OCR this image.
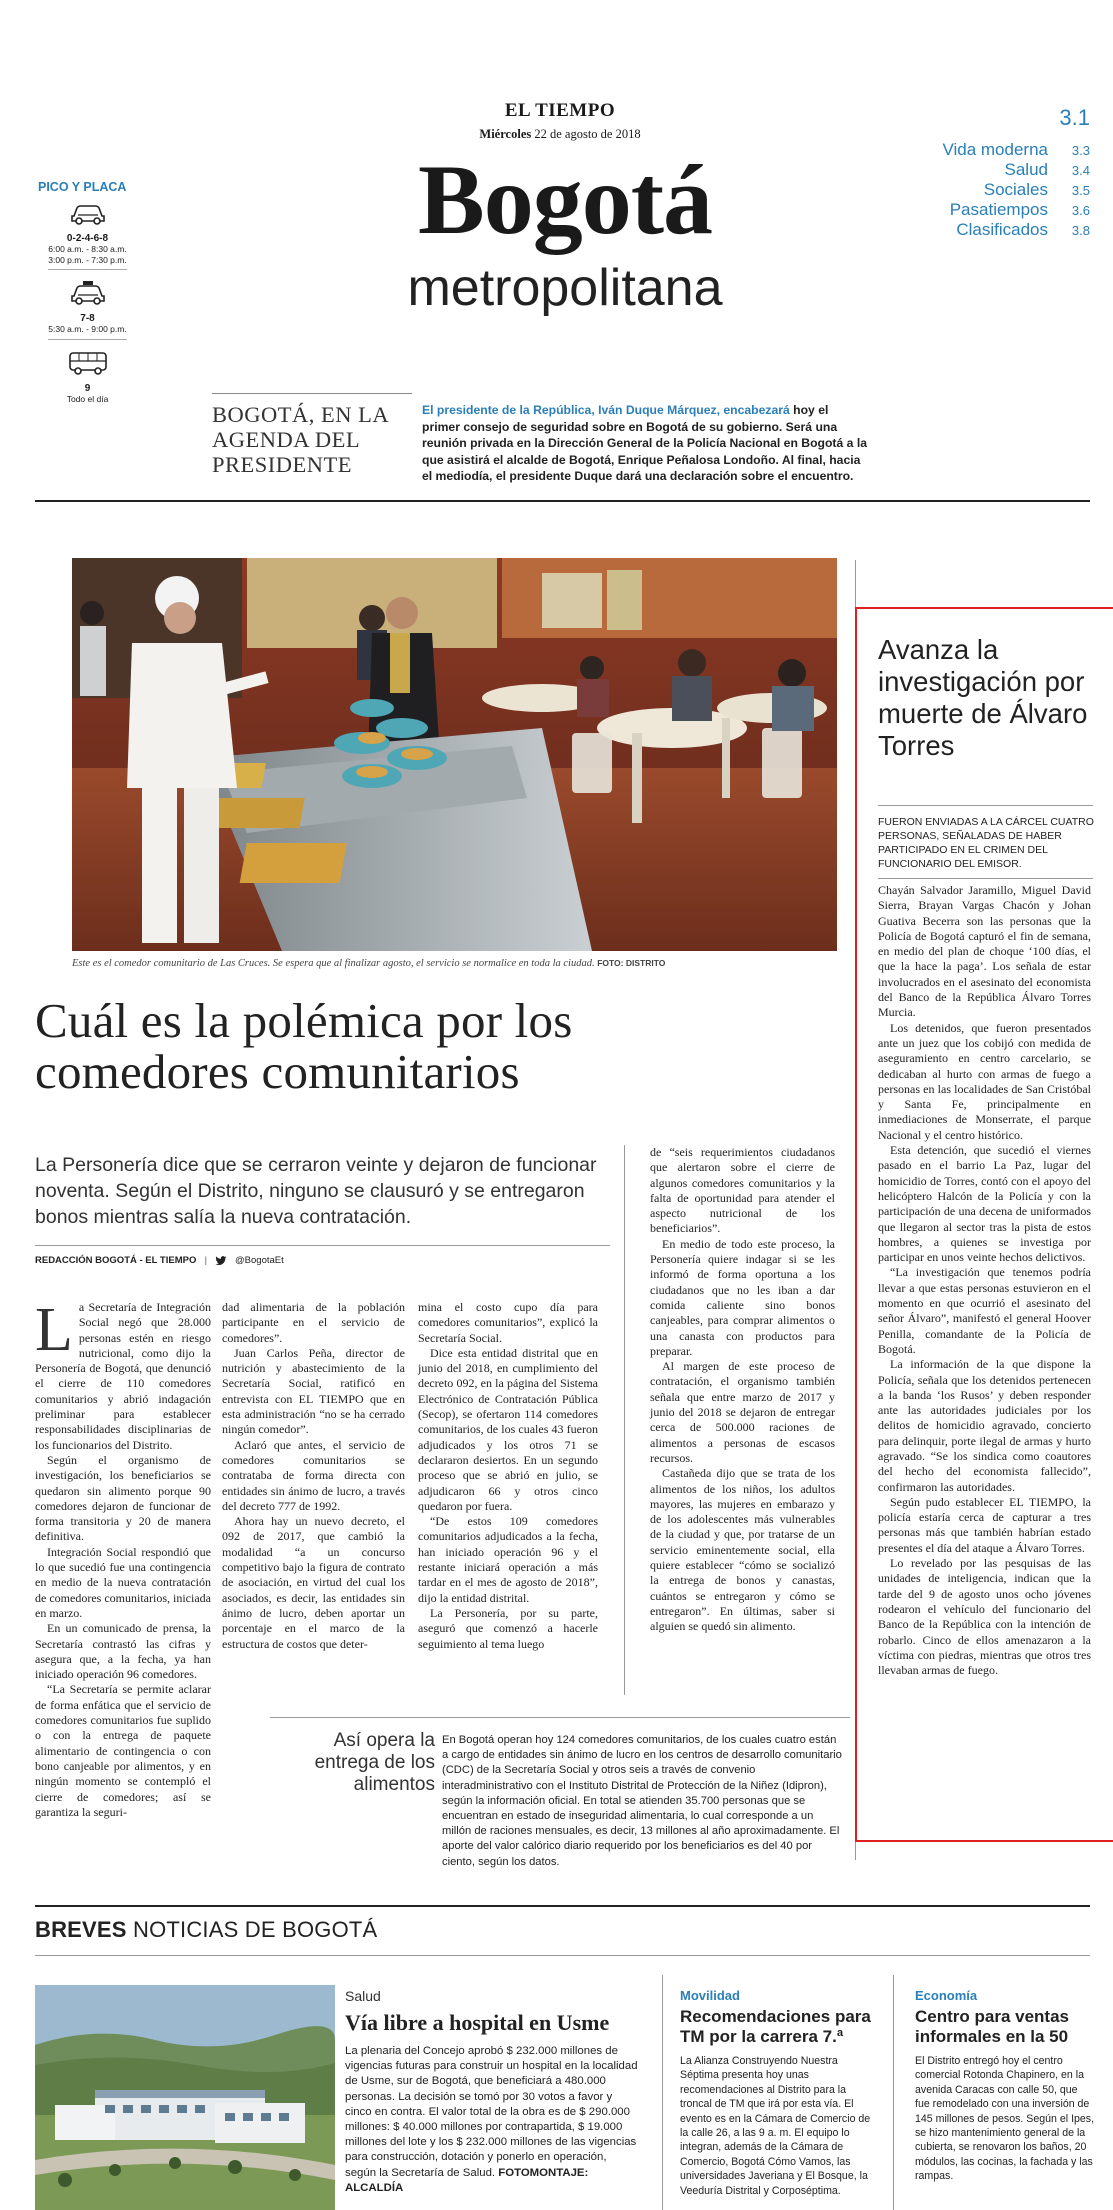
EL TIEMPO
Miércoles 22 de agosto de 2018
3.1
Bogotá
metropolitana
Vida moderna	3.3
Salud	3.4
Sociales	3.5
Pasatiempos	3.6
Clasificados	3.8
PICO Y PLACA
0-2-4-6-8
6:00 a.m. - 8:30 a.m.
3:00 p.m. - 7:30 p.m.
7-8
5:30 a.m. - 9:00 p.m.
9
Todo el día
BOGOTÁ, EN LA AGENDA DEL PRESIDENTE
El presidente de la República, Iván Duque Márquez, encabezará hoy el primer consejo de seguridad sobre en Bogotá de su gobierno. Será una reunión privada en la Dirección General de la Policía Nacional en Bogotá a la que asistirá el alcalde de Bogotá, Enrique Peñalosa Londoño. Al final, hacia el mediodía, el presidente Duque dará una declaración sobre el encuentro.
Este es el comedor comunitario de Las Cruces. Se espera que al finalizar agosto, el servicio se normalice en toda la ciudad. FOTO: DISTRITO
Cuál es la polémica por los comedores comunitarios
La Personería dice que se cerraron veinte y dejaron de funcionar noventa. Según el Distrito, ninguno se clausuró y se entregaron bonos mientras salía la nueva contratación.
REDACCIÓN BOGOTÁ - EL TIEMPO |	@BogotaEt
L a Secretaría de Integración Social negó que 28.000 personas estén en riesgo nutricional, como dijo la Personería de Bogotá, que denunció el cierre de 110 comedores comunitarios y abrió indagación preliminar para establecer responsabilidades disciplinarias de los funcionarios del Distrito.

Según el organismo de investigación, los beneficiarios se quedaron sin alimento porque 90 comedores dejaron de funcionar de forma transitoria y 20 de manera definitiva.

Integración Social respondió que lo que sucedió fue una contingencia en medio de la nueva contratación de comedores comunitarios, iniciada en marzo.

En un comunicado de prensa, la Secretaría contrastó las cifras y asegura que, a la fecha, ya han iniciado operación 96 comedores.

“La Secretaría se permite aclarar de forma enfática que el servicio de comedores comunitarios fue suplido o con la entrega de paquete alimentario de contingencia o con bono canjeable por alimentos, y en ningún momento se contempló el cierre de comedores; así se garantiza la seguri-

dad alimentaria de la población participante en el servicio de comedores”.

Juan Carlos Peña, director de nutrición y abastecimiento de la Secretaría Social, ratificó en entrevista con EL TIEMPO que en esta administración “no se ha cerrado ningún comedor”.

Aclaró que antes, el servicio de comedores comunitarios se contrataba de forma directa con entidades sin ánimo de lucro, a través del decreto 777 de 1992.

Ahora hay un nuevo decreto, el 092 de 2017, que cambió la modalidad “a un concurso competitivo bajo la figura de contrato de asociación, en virtud del cual los asociados, es decir, las entidades sin ánimo de lucro, deben aportar un porcentaje en el marco de la estructura de costos que deter-

mina el costo cupo día para comedores comunitarios”, explicó la Secretaría Social.

Dice esta entidad distrital que en junio del 2018, en cumplimiento del decreto 092, en la página del Sistema Electrónico de Contratación Pública (Secop), se ofertaron 114 comedores comunitarios, de los cuales 43 fueron adjudicados y los otros 71 se declararon desiertos. En un segundo proceso que se abrió en julio, se adjudicaron 66 y otros cinco quedaron por fuera.

“De estos 109 comedores comunitarios adjudicados a la fecha, han iniciado operación 96 y el restante iniciará operación a más tardar en el mes de agosto de 2018”, dijo la entidad distrital.

La Personería, por su parte, aseguró que comenzó a hacerle seguimiento al tema luego

de “seis requerimientos ciudadanos que alertaron sobre el cierre de algunos comedores comunitarios y la falta de oportunidad para atender el aspecto nutricional de los beneficiarios”.

En medio de todo este proceso, la Personería quiere indagar si se les informó de forma oportuna a los ciudadanos que no les iban a dar comida caliente sino bonos canjeables, para comprar alimentos o una canasta con productos para preparar.

Al margen de este proceso de contratación, el organismo también señala que entre marzo de 2017 y junio del 2018 se dejaron de entregar cerca de 500.000 raciones de alimentos a personas de escasos recursos.

Castañeda dijo que se trata de los alimentos de los niños, los adultos mayores, las mujeres en embarazo y de los adolescentes más vulnerables de la ciudad y que, por tratarse de un servicio eminentemente social, ella quiere establecer “cómo se socializó la entrega de bonos y canastas, cuántos se entregaron y cómo se entregaron”. En últimas, saber si alguien se quedó sin alimento.

Así opera la entrega de los alimentos
En Bogotá operan hoy 124 comedores comunitarios, de los cuales cuatro están a cargo de entidades sin ánimo de lucro en los centros de desarrollo comunitario (CDC) de la Secretaría Social y otros seis a través de convenio interadministrativo con el Instituto Distrital de Protección de la Niñez (Idipron), según la información oficial. En total se atienden 35.700 personas que se encuentran en estado de inseguridad alimentaria, lo cual corresponde a un millón de raciones mensuales, es decir, 13 millones al año aproximadamente. El aporte del valor calórico diario requerido por los beneficiarios es del 40 por ciento, según los datos.
Avanza la investigación por muerte de Álvaro Torres
FUERON ENVIADAS A LA CÁRCEL CUATRO PERSONAS, SEÑALADAS DE HABER PARTICIPADO EN EL CRIMEN DEL FUNCIONARIO DEL EMISOR.

Chayán Salvador Jaramillo, Miguel David Sierra, Brayan Vargas Chacón y Johan Guativa Becerra son las personas que la Policía de Bogotá capturó el fin de semana, en medio del plan de choque ‘100 días, el que la hace la paga’. Los señala de estar involucrados en el asesinato del economista del Banco de la República Álvaro Torres Murcia.

Los detenidos, que fueron presentados ante un juez que los cobijó con medida de aseguramiento en centro carcelario, se dedicaban al hurto con armas de fuego a personas en las localidades de San Cristóbal y Santa Fe, principalmente en inmediaciones de Monserrate, el parque Nacional y el centro histórico.

Esta detención, que sucedió el viernes pasado en el barrio La Paz, lugar del homicidio de Torres, contó con el apoyo del helicóptero Halcón de la Policía y con la participación de una decena de uniformados que llegaron al sector tras la pista de estos hombres, a quienes se investiga por participar en unos veinte hechos delictivos.

“La investigación que tenemos podría llevar a que estas personas estuvieron en el momento en que ocurrió el asesinato del señor Álvaro”, manifestó el general Hoover Penilla, comandante de la Policía de Bogotá.

La información de la que dispone la Policía, señala que los detenidos pertenecen a la banda ‘los Rusos’ y deben responder ante las autoridades judiciales por los delitos de homicidio agravado, concierto para delinquir, porte ilegal de armas y hurto agravado. “Se los sindica como coautores del hecho del economista fallecido”, confirmaron las autoridades.

Según pudo establecer EL TIEMPO, la policía estaría cerca de capturar a tres personas más que también habrían estado presentes el día del ataque a Álvaro Torres.

Lo revelado por las pesquisas de las unidades de inteligencia, indican que la tarde del 9 de agosto unos ocho jóvenes rodearon el vehículo del funcionario del Banco de la República con la intención de robarlo. Cinco de ellos amenazaron a la víctima con piedras, mientras que otros tres llevaban armas de fuego.

BREVES NOTICIAS DE BOGOTÁ
Salud
Vía libre a hospital en Usme
La plenaria del Concejo aprobó $ 232.000 millones de vigencias futuras para construir un hospital en la localidad de Usme, sur de Bogotá, que beneficiará a 480.000 personas. La decisión se tomó por 30 votos a favor y cinco en contra. El valor total de la obra es de $ 290.000 millones: $ 40.000 millones por contrapartida, $ 19.000 millones del lote y los $ 232.000 millones de las vigencias para construcción, dotación y ponerlo en operación, según la Secretaría de Salud. FOTOMONTAJE: ALCALDÍA
Movilidad
Recomendaciones para TM por la carrera 7.ª
La Alianza Construyendo Nuestra Séptima presenta hoy unas recomendaciones al Distrito para la troncal de TM que irá por esta vía. El evento es en la Cámara de Comercio de la calle 26, a las 9 a. m. El equipo lo integran, además de la Cámara de Comercio, Bogotá Cómo Vamos, las universidades Javeriana y El Bosque, la Veeduría Distrital y Corposéptima.
Economía
Centro para ventas informales en la 50
El Distrito entregó hoy el centro comercial Rotonda Chapinero, en la avenida Caracas con calle 50, que fue remodelado con una inversión de 145 millones de pesos. Según el Ipes, se hizo mantenimiento general de la cubierta, se renovaron los baños, 20 módulos, las cocinas, la fachada y las rampas.
